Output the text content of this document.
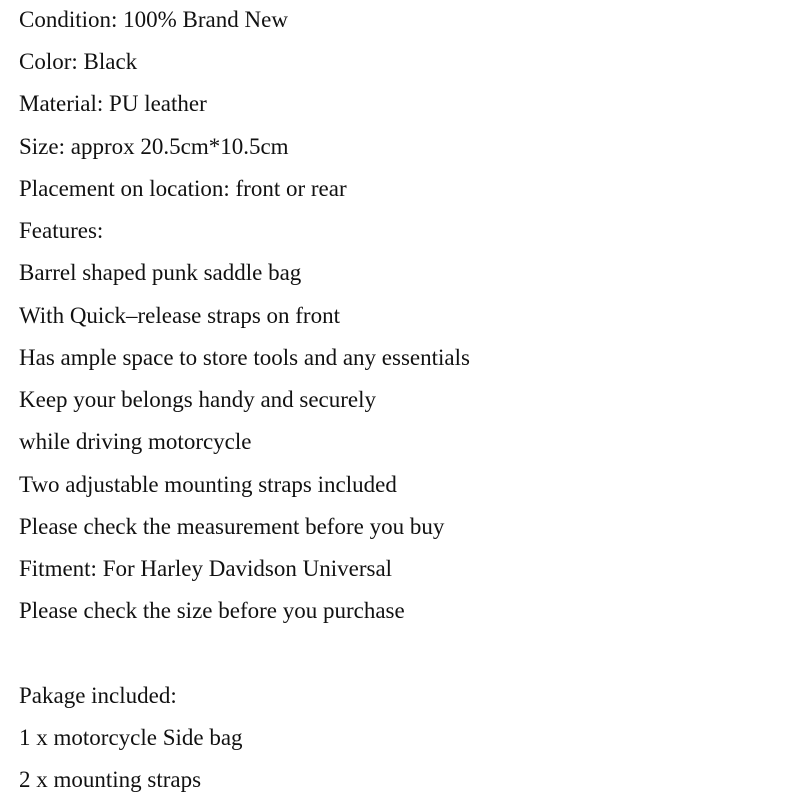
Condition: 100% Brand New

Color: Black

Material: PU leather

Size: approx 20.5cm*10.5cm

Placement on location: front or rear

Features:

Barrel shaped punk saddle bag

With Quick–release straps on front

Has ample space to store tools and any essentials

Keep your belongs handy and securely

while driving motorcycle

Two adjustable mounting straps included

Please check the measurement before you buy

Fitment: For Harley Davidson Universal

Please check the size before you purchase

Pakage included:

1 x motorcycle Side bag

2 x mounting straps
